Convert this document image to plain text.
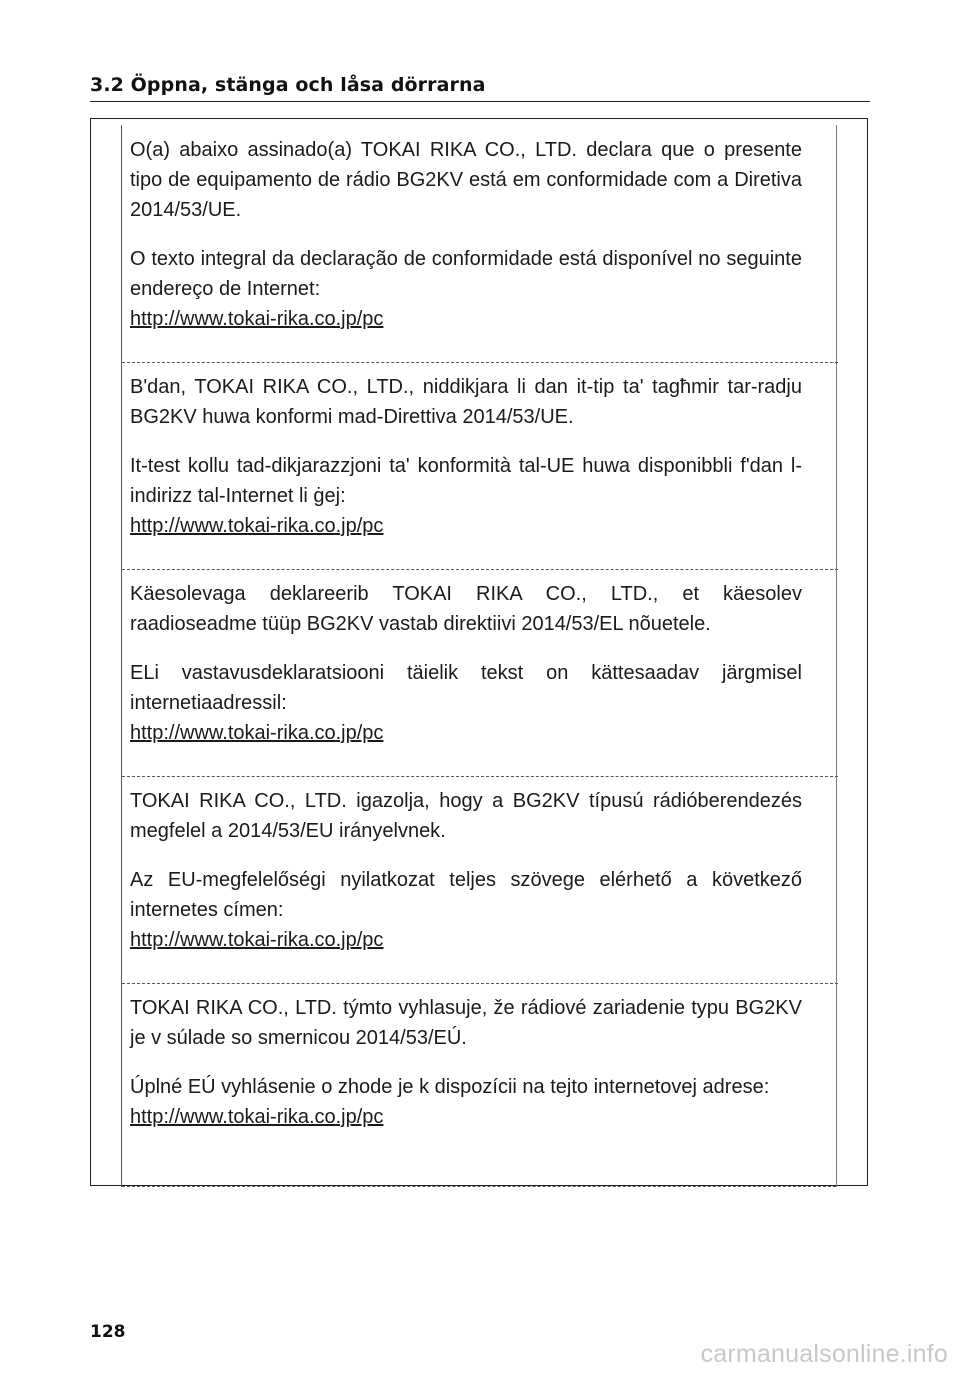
3.2 Öppna, stänga och låsa dörrarna

O(a) abaixo assinado(a) TOKAI RIKA CO., LTD. declara que o presente tipo de equipamento de rádio BG2KV está em conformidade com a Diretiva 2014/53/UE.

O texto integral da declaração de conformidade está disponível no seguinte endereço de Internet:

http://www.tokai-rika.co.jp/pc

B'dan, TOKAI RIKA CO., LTD., niddikjara li dan it-tip ta' tagħmir tar-radju BG2KV huwa konformi mad-Direttiva 2014/53/UE.

It-test kollu tad-dikjarazzjoni ta' konformità tal-UE huwa disponibbli f'dan l-indirizz tal-Internet li ġej:

http://www.tokai-rika.co.jp/pc

Käesolevaga deklareerib TOKAI RIKA CO., LTD., et käesolev raadioseadme tüüp BG2KV vastab direktiivi 2014/53/EL nõuetele.

ELi vastavusdeklaratsiooni täielik tekst on kättesaadav järgmisel internetiaadressil:

http://www.tokai-rika.co.jp/pc

TOKAI RIKA CO., LTD. igazolja, hogy a BG2KV típusú rádióberendezés megfelel a 2014/53/EU irányelvnek.

Az EU-megfelelőségi nyilatkozat teljes szövege elérhető a következő internetes címen:

http://www.tokai-rika.co.jp/pc

TOKAI RIKA CO., LTD. týmto vyhlasuje, že rádiové zariadenie typu BG2KV je v súlade so smernicou 2014/53/EÚ.

Úplné EÚ vyhlásenie o zhode je k dispozícii na tejto internetovej adrese:

http://www.tokai-rika.co.jp/pc
128
carmanualsonline.info
